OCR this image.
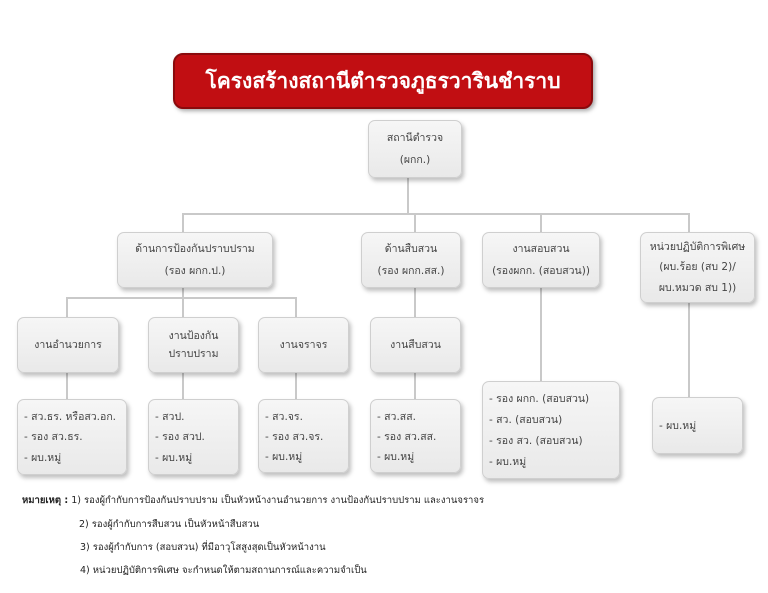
โครงสร้างสถานีตำรวจภูธรวารินชำราบ
สถานีตำรวจ
(ผกก.)
ด้านการป้องกันปราบปราม
(รอง ผกก.ป.)
ด้านสืบสวน
(รอง ผกก.สส.)
งานสอบสวน
(รองผกก. (สอบสวน))
หน่วยปฏิบัติการพิเศษ
(ผบ.ร้อย (สบ 2)/
ผบ.หมวด สบ 1))
งานอำนวยการ
งานป้องกัน
ปราบปราม
งานจราจร	งานสืบสวน
- สว.ธร. หรือสว.อก.
- รอง สว.ธร.
- ผบ.หมู่
- สวป.
- รอง สวป.
- ผบ.หมู่
- สว.จร.
- รอง สว.จร.
- ผบ.หมู่
- สว.สส.
- รอง สว.สส.
- ผบ.หมู่
- รอง ผกก. (สอบสวน)
- สว. (สอบสวน)
- รอง สว. (สอบสวน)
- ผบ.หมู่
- ผบ.หมู่
หมายเหตุ : 1) รองผู้กำกับการป้องกันปราบปราม เป็นหัวหน้างานอำนวยการ งานป้องกันปราบปราม และงานจราจร
2) รองผู้กำกับการสืบสวน เป็นหัวหน้าสืบสวน
3) รองผู้กำกับการ (สอบสวน) ที่มีอาวุโสสูงสุดเป็นหัวหน้างาน
4) หน่วยปฏิบัติการพิเศษ จะกำหนดให้ตามสถานการณ์และความจำเป็น
